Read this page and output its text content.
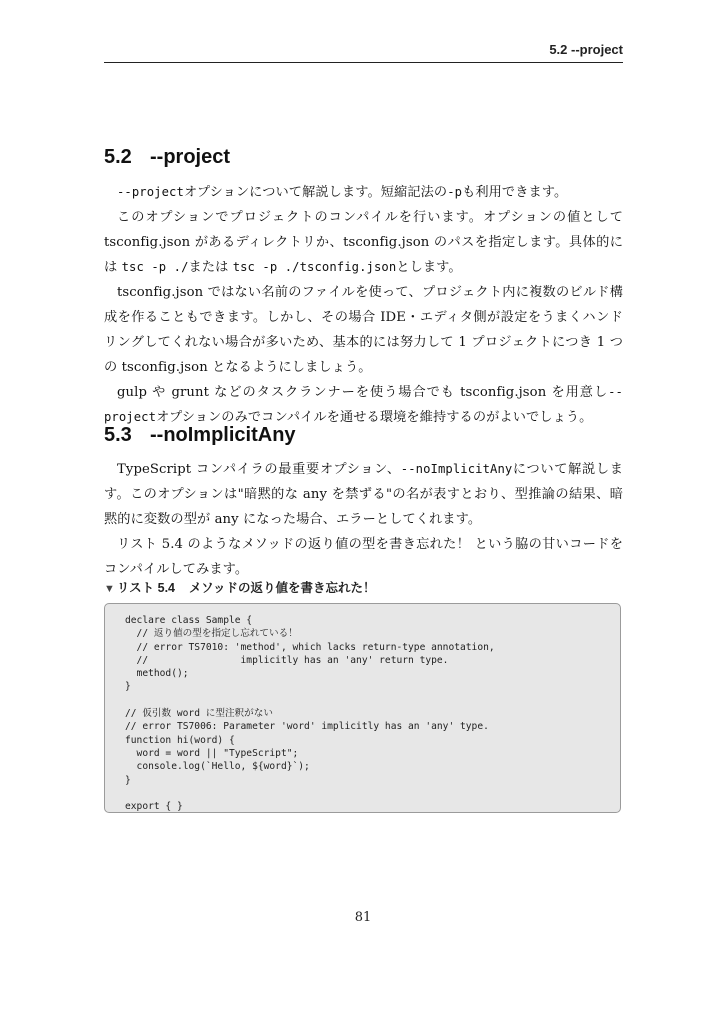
5.2 --project
5.2 --project

--projectオプションについて解説します。短縮記法の-pも利用できます。

このオプションでプロジェクトのコンパイルを行います。オプションの値として tsconfig.json があるディレクトリか、tsconfig.json のパスを指定します。具体的には tsc -p ./または tsc -p ./tsconfig.jsonとします。

tsconfig.json ではない名前のファイルを使って、プロジェクト内に複数のビルド構成を作ることもできます。しかし、その場合 IDE・エディタ側が設定をうまくハンドリングしてくれない場合が多いため、基本的には努力して 1 プロジェクトにつき 1 つの tsconfig.json となるようにしましょう。

gulp や grunt などのタスクランナーを使う場合でも tsconfig.json を用意し--projectオプションのみでコンパイルを通せる環境を維持するのがよいでしょう。

5.3 --noImplicitAny

TypeScript コンパイラの最重要オプション、--noImplicitAnyについて解説します。このオプションは"暗黙的な any を禁ずる"の名が表すとおり、型推論の結果、暗黙的に変数の型が any になった場合、エラーとしてくれます。

リスト 5.4 のようなメソッドの返り値の型を書き忘れた！ という脇の甘いコードをコンパイルしてみます。

▼ リスト 5.4 メソッドの返り値を書き忘れた！
declare class Sample {
// 返り値の型を指定し忘れている！
// error TS7010: 'method', which lacks return-type annotation,
//                implicitly has an 'any' return type.
method();
}
// 仮引数 word に型注釈がない
// error TS7006: Parameter 'word' implicitly has an 'any' type.
function hi(word) {
word = word || "TypeScript";
console.log(`Hello, ${word}`);
}
export { }
81
